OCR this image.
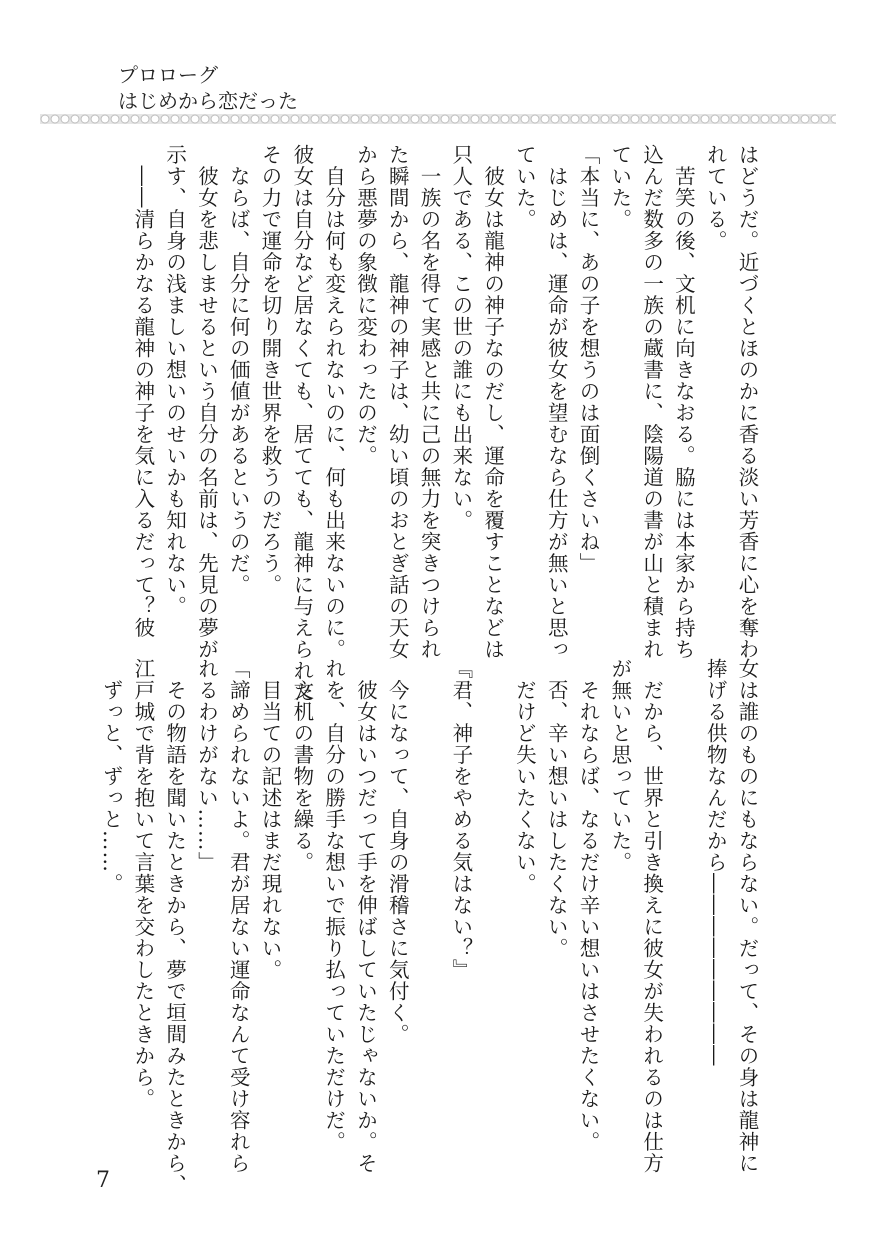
プロローグ
はじめから恋だった

はどうだ。近づくとほのかに香る淡い芳香に心を奪わ

れている。

　苦笑の後、文机に向きなおる。脇には本家から持ち

込んだ数多の一族の蔵書に、陰陽道の書が山と積まれ

ていた。

「本当に、あの子を想うのは面倒くさいね」

　はじめは、運命が彼女を望むなら仕方が無いと思っ

ていた。

　彼女は龍神の神子なのだし、運命を覆すことなどは

只人である、この世の誰にも出来ない。

　一族の名を得て実感と共に己の無力を突きつけられ

た瞬間から、龍神の神子は、幼い頃のおとぎ話の天女

から悪夢の象徴に変わったのだ。

　自分は何も変えられないのに、何も出来ないのに。

彼女は自分など居なくても、居てても、龍神に与えられた

その力で運命を切り開き世界を救うのだろう。

　ならば、自分に何の価値があるというのだ。

　彼女を悲しませるという自分の名前は、先見の夢が

示す、自身の浅ましい想いのせいかも知れない。

　――清らかなる龍神の神子を気に入るだって？彼

女は誰のものにもならない。だって、その身は龍神に

捧げる供物なんだから―――――――――

　だから、世界と引き換えに彼女が失われるのは仕方

が無いと思っていた。

　それならば、なるだけ辛い想いはさせたくない。

　否、辛い想いはしたくない。

　だけど失いたくない。

『君、神子をやめる気はない？』

　今になって、自身の滑稽さに気付く。

　彼女はいつだって手を伸ばしていたじゃないか。そ

れを、自分の勝手な想いで振り払っていただけだ。

　文机の書物を繰る。

　目当ての記述はまだ現れない。

「諦められないよ。君が居ない運命なんて受け容れら

れるわけがない……」

　その物語を聞いたときから、夢で垣間みたときから、

江戸城で背を抱いて言葉を交わしたときから。

　ずっと、ずっと……。

7
